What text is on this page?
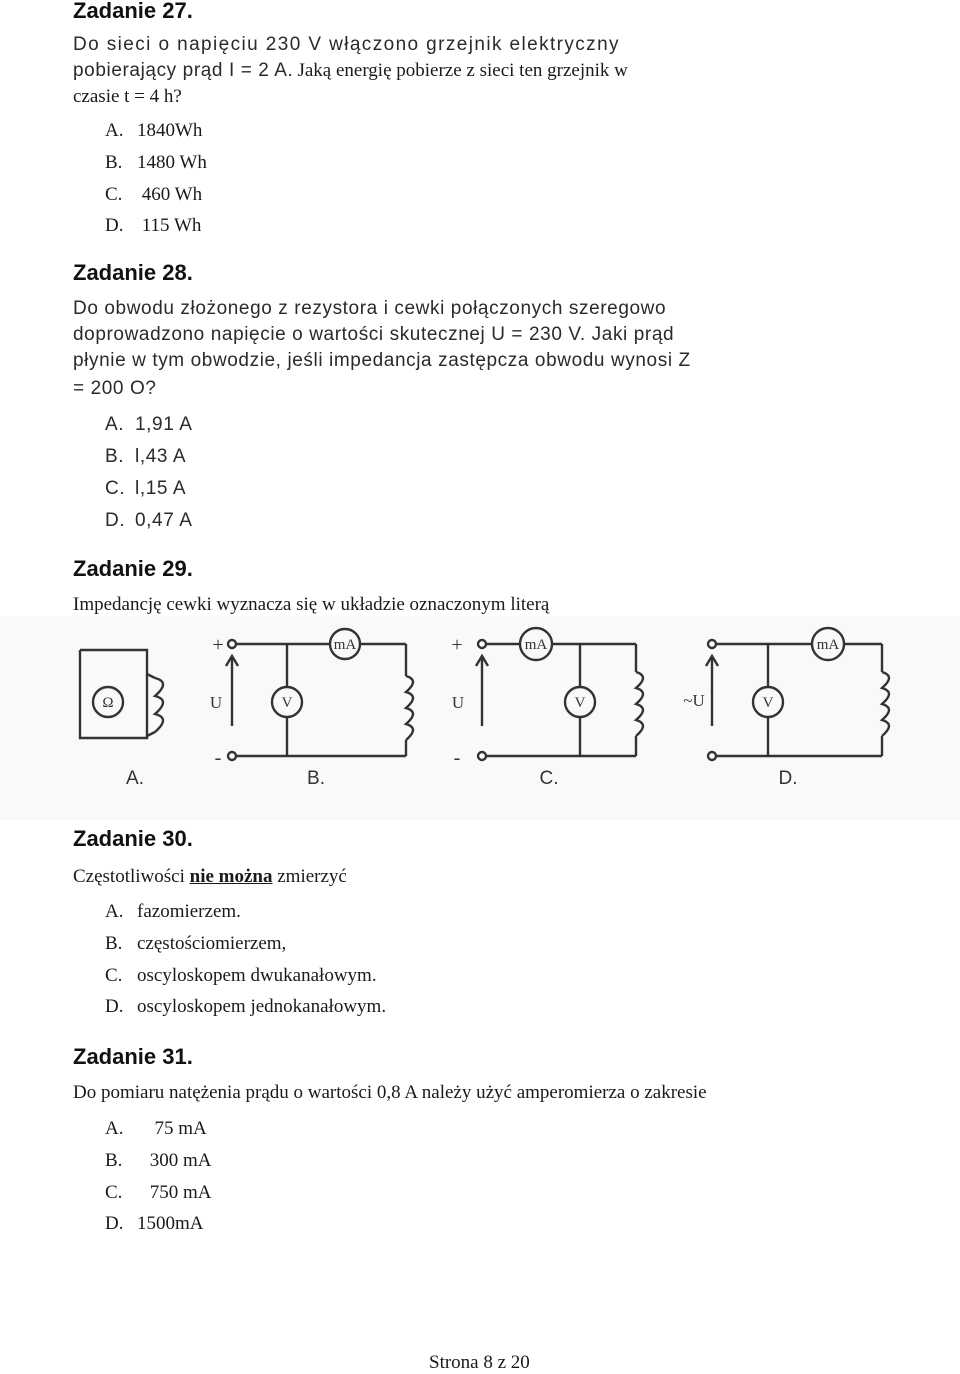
Zadanie 27.
Do sieci o napięciu 230 V włączono grzejnik elektryczny
pobierający prąd I = 2 A. Jaką energię pobierze z sieci ten grzejnik w
czasie t = 4 h?
A. 1840Wh
B. 1480 Wh
C. 460 Wh
D. 115 Wh
Zadanie 28.
Do obwodu złożonego z rezystora i cewki połączonych szeregowo
doprowadzono napięcie o wartości skutecznej U = 230 V. Jaki prąd
płynie w tym obwodzie, jeśli impedancja zastępcza obwodu wynosi Z
= 200 O?
A. 1,91 A
B. l,43 A
C. l,15 A
D. 0,47 A
Zadanie 29.
Impedancję cewki wyznacza się w układzie oznaczonym literą
Ω
+
-
U
mA
V
+
-
U
mA
V	~U
mA
V
A.	B.	C.	D.
Zadanie 30.
Częstotliwości nie można zmierzyć
A. fazomierzem.
B. częstościomierzem,
C. oscyloskopem dwukanałowym.
D. oscyloskopem jednokanałowym.
Zadanie 31.
Do pomiaru natężenia prądu o wartości 0,8 A należy użyć amperomierza o zakresie
A.  75 mA
B. 300 mA
C. 750 mA
D. 1500mA
Strona 8 z 20
